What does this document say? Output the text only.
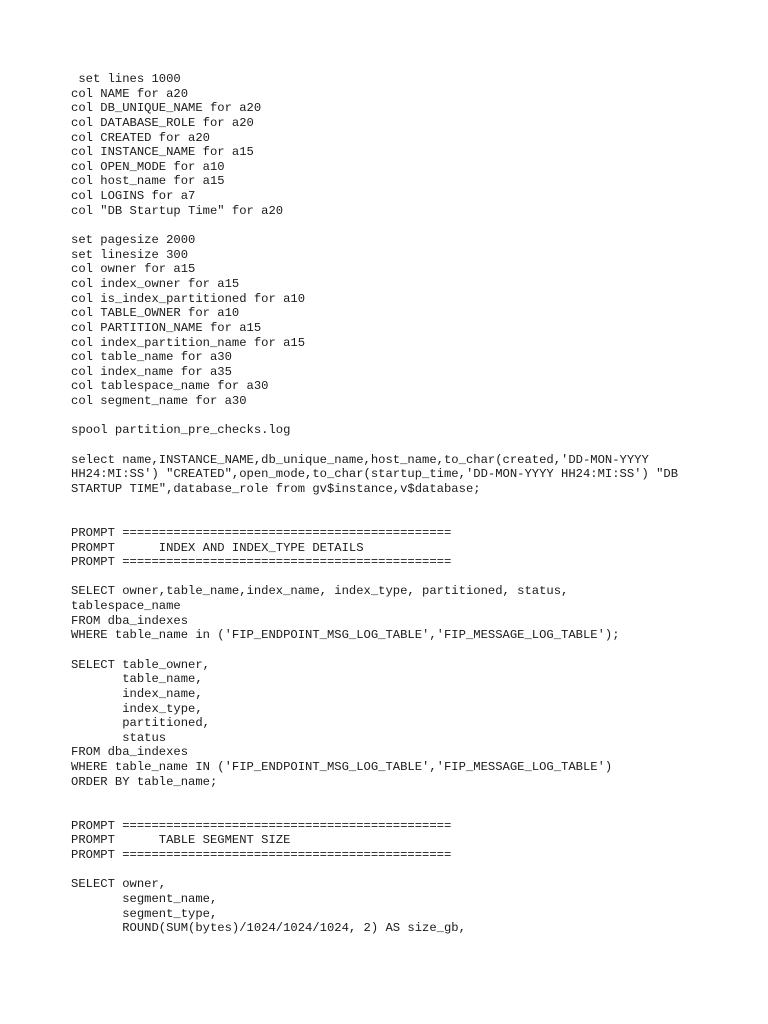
set lines 1000
col NAME for a20
col DB_UNIQUE_NAME for a20
col DATABASE_ROLE for a20
col CREATED for a20
col INSTANCE_NAME for a15
col OPEN_MODE for a10
col host_name for a15
col LOGINS for a7
col "DB Startup Time" for a20
set pagesize 2000
set linesize 300
col owner for a15
col index_owner for a15
col is_index_partitioned for a10
col TABLE_OWNER for a10
col PARTITION_NAME for a15
col index_partition_name for a15
col table_name for a30
col index_name for a35
col tablespace_name for a30
col segment_name for a30
spool partition_pre_checks.log
select name,INSTANCE_NAME,db_unique_name,host_name,to_char(created,'DD-MON-YYYY
HH24:MI:SS') "CREATED",open_mode,to_char(startup_time,'DD-MON-YYYY HH24:MI:SS') "DB
STARTUP TIME",database_role from gv$instance,v$database;
PROMPT =============================================
PROMPT      INDEX AND INDEX_TYPE DETAILS
PROMPT =============================================
SELECT owner,table_name,index_name, index_type, partitioned, status,
tablespace_name
FROM dba_indexes
WHERE table_name in ('FIP_ENDPOINT_MSG_LOG_TABLE','FIP_MESSAGE_LOG_TABLE');
SELECT table_owner,
table_name,
index_name,
index_type,
partitioned,
status
FROM dba_indexes
WHERE table_name IN ('FIP_ENDPOINT_MSG_LOG_TABLE','FIP_MESSAGE_LOG_TABLE')
ORDER BY table_name;
PROMPT =============================================
PROMPT      TABLE SEGMENT SIZE
PROMPT =============================================
SELECT owner,
segment_name,
segment_type,
ROUND(SUM(bytes)/1024/1024/1024, 2) AS size_gb,
